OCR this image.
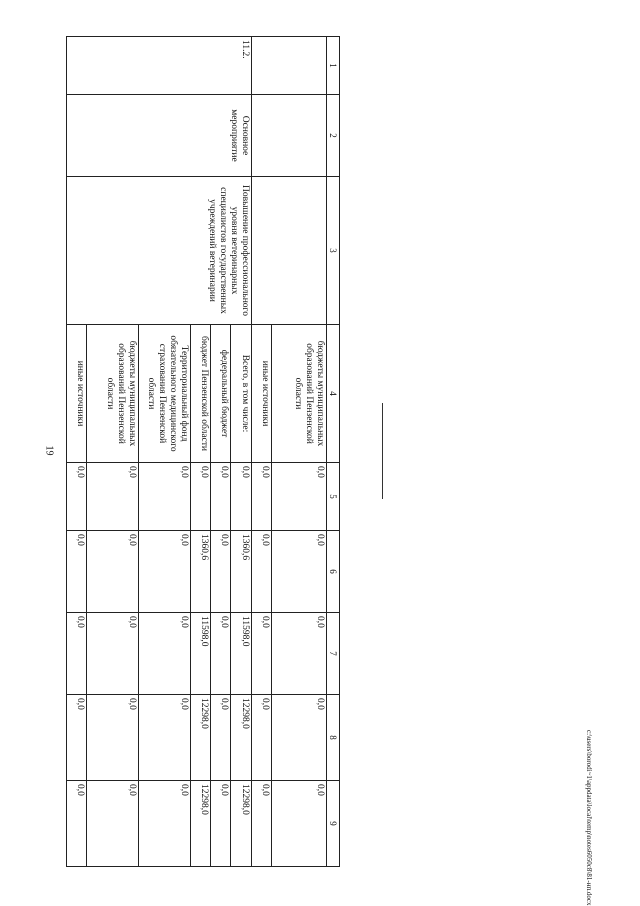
19
1	2	3	4	5	6	7	8	9
			бюджеты муниципальных образований Пензенской области	0,0	0,0	0,0	0,0	0,0
			иные источники	0,0	0,0	0,0	0,0	0,0
11.2.	Основное мероприятие	Повышение профессионального уровня ветеринарных специалистов государственных учреждений ветеринарии	Всего, в том числе:	0,0	1360,6	11598,0	12298,0	12298,0
			федеральный бюджет	0,0	0,0	0,0	0,0	0,0
			бюджет Пензенской области	0,0	1360,6	11598,0	12298,0	12298,0
			Территориальный фонд обязательного медицинского страхования Пензенской области	0,0	0,0	0,0	0,0	0,0
			бюджеты муниципальных образований Пензенской области	0,0	0,0	0,0	0,0	0,0
			иные источники	0,0	0,0	0,0	0,0	0,0	c:\users\borodi~1\appdata\local\temp\notes6050c8\81-нп.docx
